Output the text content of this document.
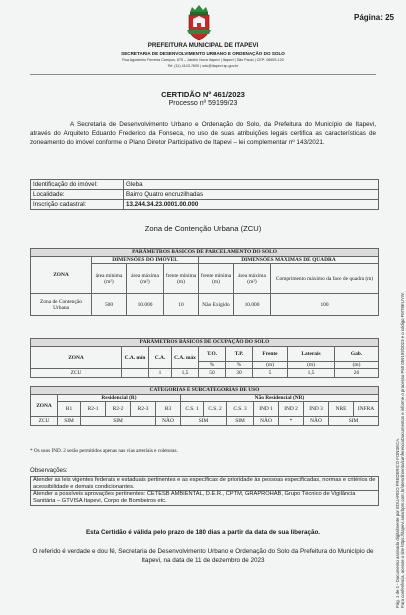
Página: 25
PREFEITURA MUNICIPAL DE ITAPEVI
SECRETARIA DE DESENVOLVIMENTO URBANO E ORDENAÇÃO DO SOLO
Rua Agostinho Ferreira Campos, 675 – Jardim Nova Itapevi | Itapevi | São Paulo | CEP: 06693-120
Tel: (11) 4143-7600 | sdu@itapevi.sp.gov.br
CERTIDÃO Nº 461/2023
Processo nº 59199/23
A Secretaria de Desenvolvimento Urbano e Ordenação do Solo, da Prefeitura do Município de Itapevi, através do Arquiteto Eduardo Frederico da Fonseca, no uso de suas atribuições legais certifica as características de zoneamento do imóvel conforme o Plano Diretor Participativo de Itapevi – lei complementar nº 143/2021.
Identificação do imóvel:	Gleba
Localidade:	Bairro Quatro encruzilhadas
Inscrição cadastral:	13.244.34.23.0001.00.000
Zona de Contenção Urbana (ZCU)
PARÂMETROS BÁSICOS DE PARCELAMENTO DO SOLO						
ZONA	DIMENSÕES DO IMÓVEL			DIMENSÕES MÁXIMAS DE QUADRA		
	área mínima (m²)	área máxima (m²)	frente mínima (m)	frente mínima (m)	área máxima (m²)	Comprimento máximo da face de quadra (m)
Zona de Contenção Urbana	500	10.000	10	Não Exigido	10.000	100
PARÂMETROS BÁSICOS DE OCUPAÇÃO DO SOLO								
ZONA	C.A. mín	C.A.	C.A. máx	T.O.	T.P.	Frente	Laterais	Gab.
				%	%	(m)	(m)	(m)
ZCU		1	1,5	50	30	5	1,5	26
CATEGORIAS E SUBCATEGORIAS DE USO													
ZONA	Residencial (R)					Não Residencial (NR)							
	R1	R2-1	R2-2	R2-3	R3	C.S. 1	C.S. 2	C.S. 3	IND 1	IND 2	IND 3	NRE	INFRA
ZCU	SIM	SIM			NÃO	SIM		SIM	NÃO	*	NÃO	SIM	
* Os usos IND. 2 serão permitidos apenas nas vias arteriais e coletoras.
Observações:
Atender as leis vigentes federais e estaduais pertinentes e as específicas de prioridade às pessoas especificadas, normas e critérios de acessibilidade e demais condicionantes.
Atender a possíveis aprovações pertinentes: CETESB AMBIENTAL, D.E.R., CPTM, GRAPROHAB, Grupo Técnico de Vigilância Sanitária – GTVISA Itapevi, Corpo de Bombeiros etc.
Esta Certidão é válida pelo prazo de 180 dias a partir da data de sua liberação.
O referido é verdade e dou fé, Secretaria de Desenvolvimento Urbano e Ordenação do Solo da Prefeitura do Município de Itapevi, na data de 11 de dezembro de 2023	Pág. 1 de 1 - Documento assinado digitalmente por EDUARDO FREDERICO FONSECA. Para conferência, acesse o site https://itapevi.solarbpm.com.br/atendimento/conferenciaDocumentos e informe o processo PMI 059199/2023 e o código FMT8EUYW.
